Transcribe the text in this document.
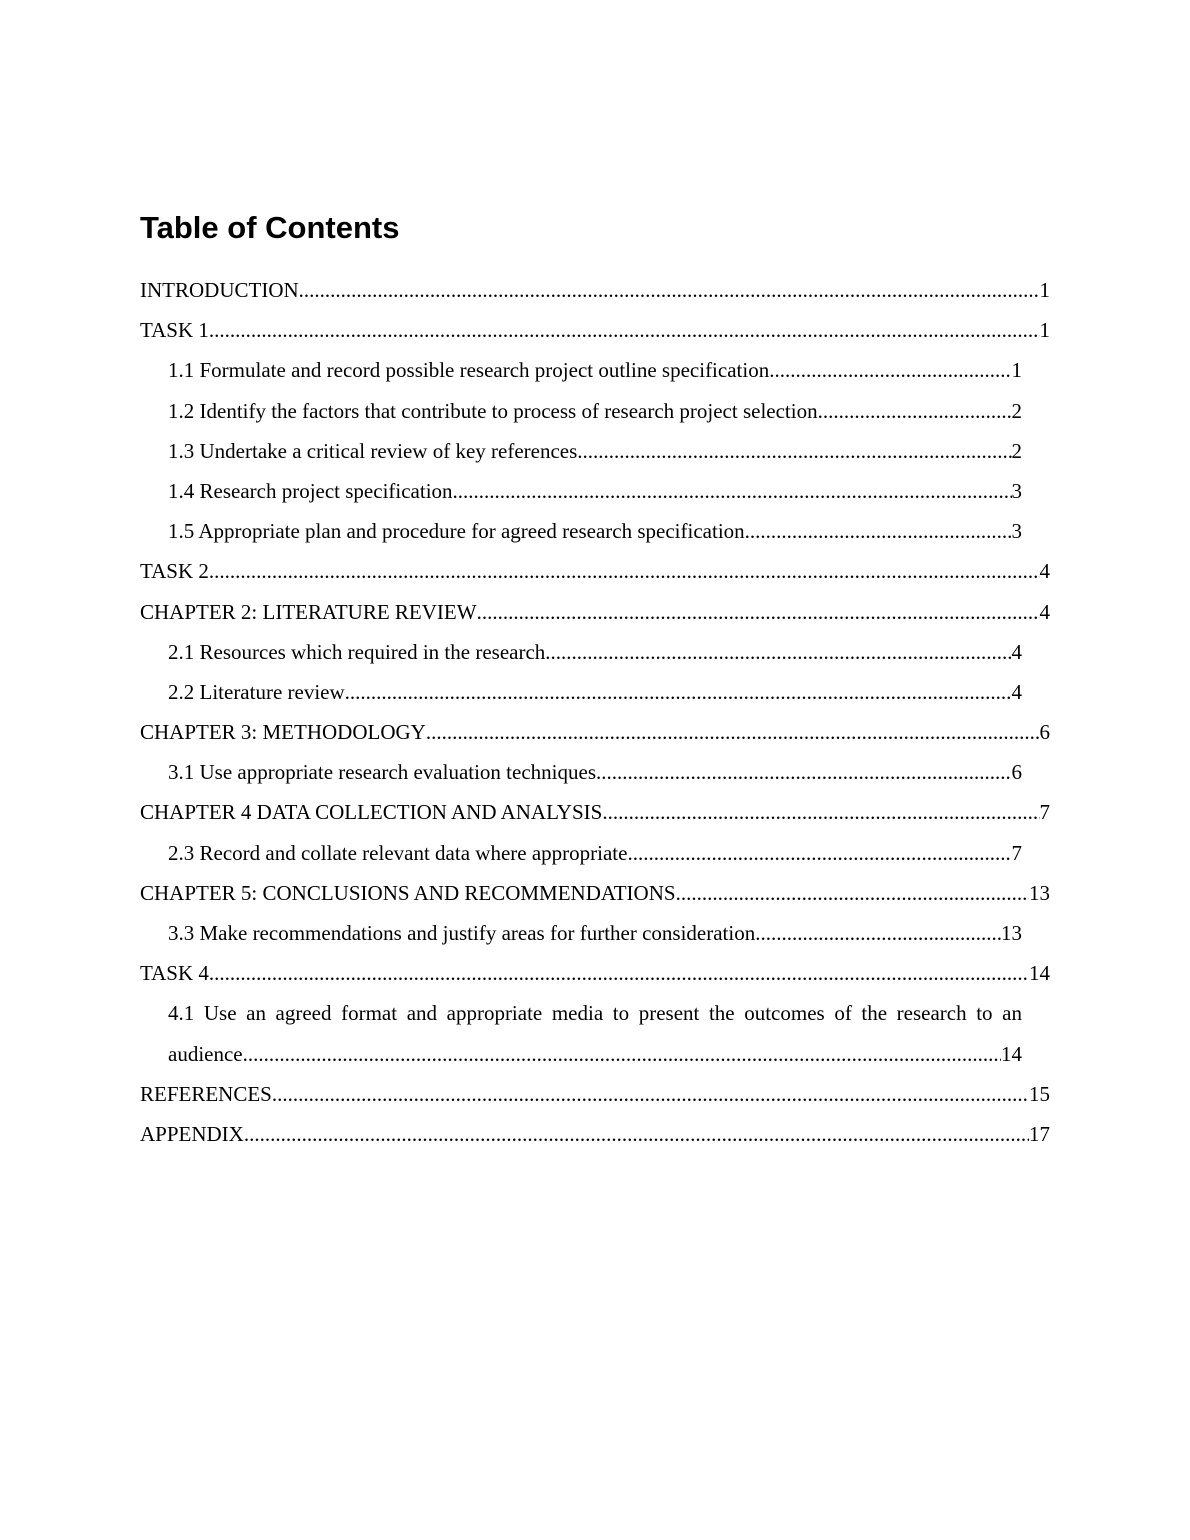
Table of Contents
INTRODUCTION .....	1
TASK 1 .....	1
1.1 Formulate and record possible research project outline specification .....	1
1.2 Identify the factors that contribute to process of research project selection .....	2
1.3 Undertake a critical review of key references .....	2
1.4 Research project specification .....	3
1.5 Appropriate plan and procedure for agreed research specification .....	3
TASK 2 .....	4
CHAPTER 2: LITERATURE REVIEW .....	4
2.1 Resources which required in the research .....	4
2.2 Literature review .....	4
CHAPTER 3: METHODOLOGY .....	6
3.1 Use appropriate research evaluation techniques .....	6
CHAPTER 4 DATA COLLECTION AND ANALYSIS .....	7
2.3 Record and collate relevant data where appropriate .....	7
CHAPTER 5: CONCLUSIONS AND RECOMMENDATIONS .....	13
3.3 Make recommendations and justify areas for further consideration .....	13
TASK 4 .....	14
4.1 Use an agreed format and appropriate media to present the outcomes of the research to an
audience .....	14
REFERENCES .....	15
APPENDIX .....	17
